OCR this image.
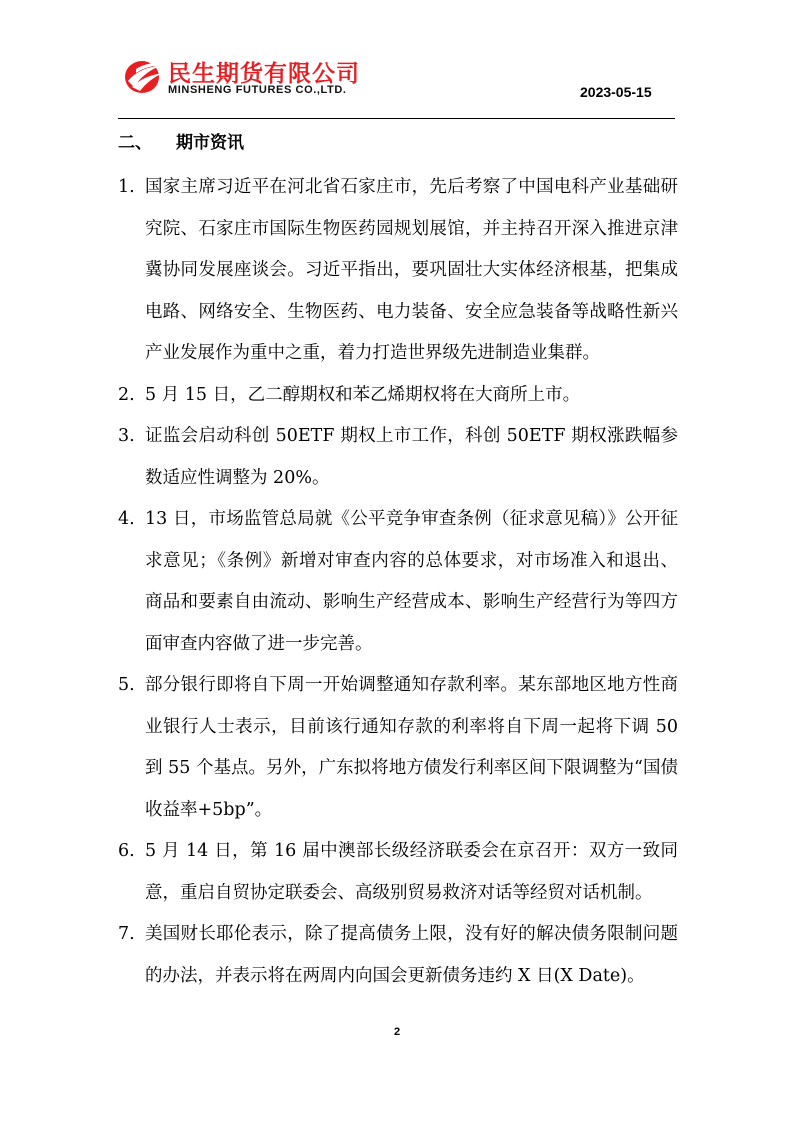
民生期货有限公司
MINSHENG FUTURES CO.,LTD.	2023-05-15
二、 期市资讯
1. 国家主席习近平在河北省石家庄市，先后考察了中国电科产业基础研究院、石家庄市国际生物医药园规划展馆，并主持召开深入推进京津冀协同发展座谈会。习近平指出，要巩固壮大实体经济根基，把集成电路、网络安全、生物医药、电力装备、安全应急装备等战略性新兴产业发展作为重中之重，着力打造世界级先进制造业集群。
2. 5 月 15 日，乙二醇期权和苯乙烯期权将在大商所上市。
3. 证监会启动科创 50ETF 期权上市工作，科创 50ETF 期权涨跌幅参数适应性调整为 20%。
4. 13 日，市场监管总局就《公平竞争审查条例（征求意见稿）》公开征求意见；《条例》新增对审查内容的总体要求，对市场准入和退出、商品和要素自由流动、影响生产经营成本、影响生产经营行为等四方面审查内容做了进一步完善。
5. 部分银行即将自下周一开始调整通知存款利率。某东部地区地方性商业银行人士表示，目前该行通知存款的利率将自下周一起将下调 50 到 55 个基点。另外，广东拟将地方债发行利率区间下限调整为“国债收益率+5bp”。
6. 5 月 14 日，第 16 届中澳部长级经济联委会在京召开：双方一致同意，重启自贸协定联委会、高级别贸易救济对话等经贸对话机制。
7. 美国财长耶伦表示，除了提高债务上限，没有好的解决债务限制问题的办法，并表示将在两周内向国会更新债务违约 X 日(X Date)。
2
